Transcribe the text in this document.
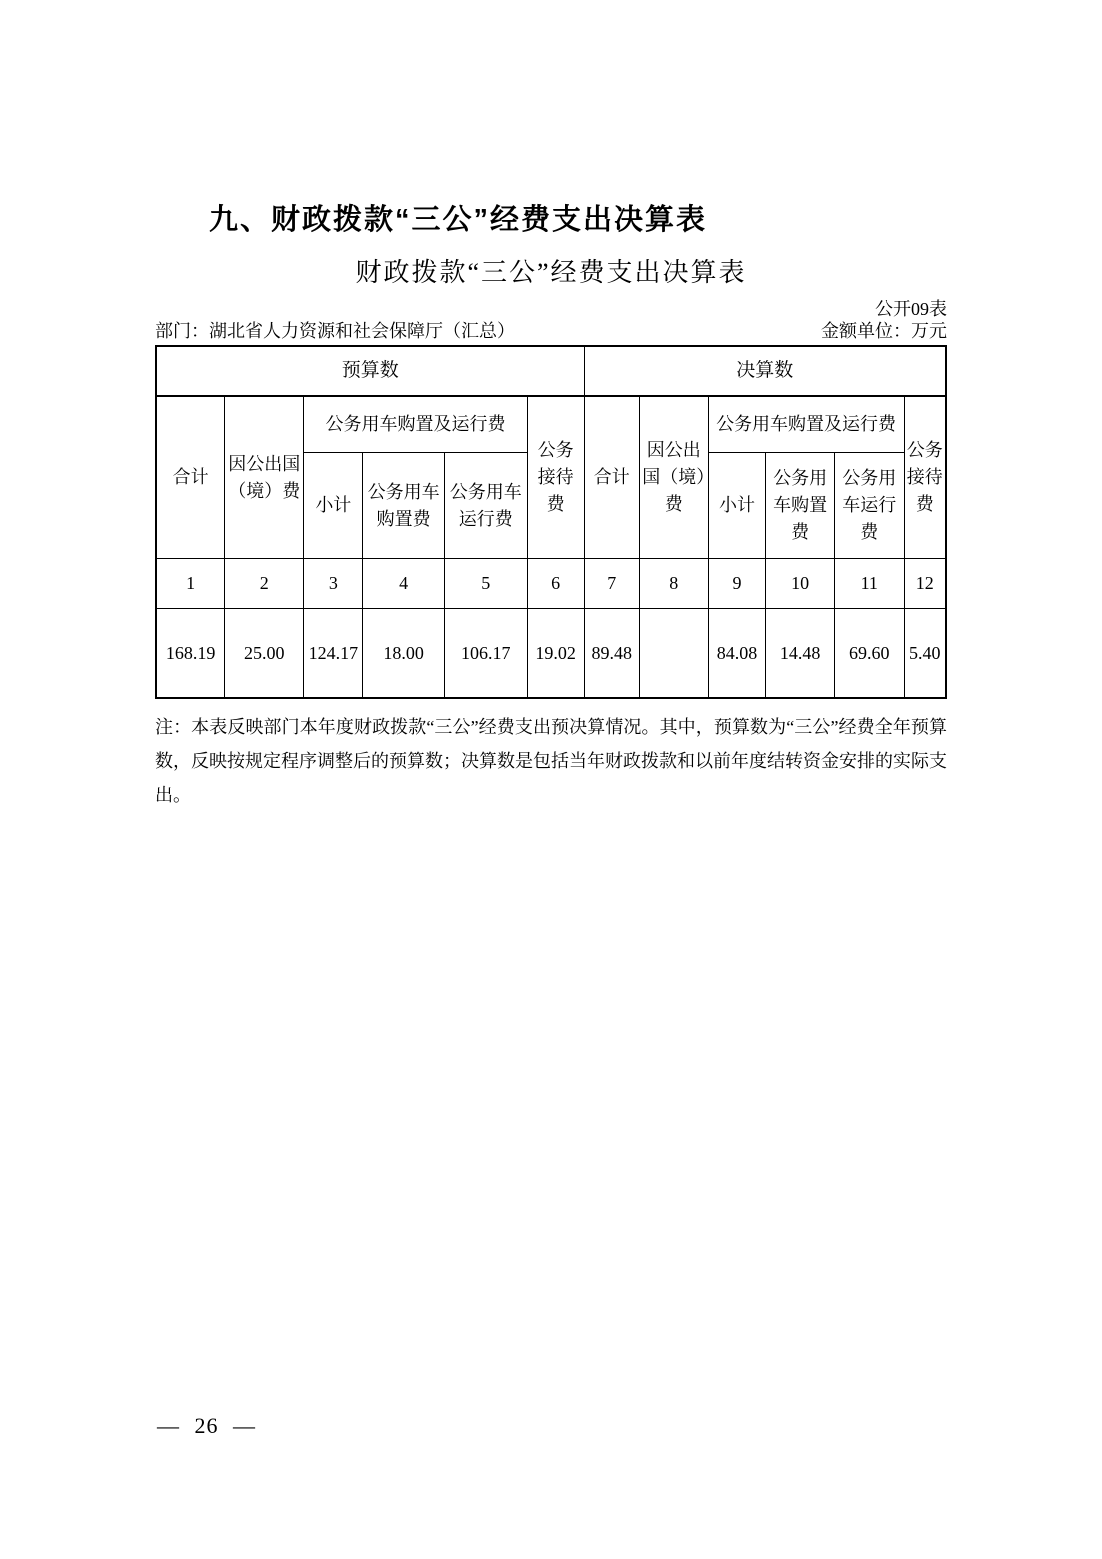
九、财政拨款“三公”经费支出决算表
财政拨款“三公”经费支出决算表
公开09表
部门：湖北省人力资源和社会保障厅（汇总）	金额单位：万元
预算数						决算数					
合计	因公出国（境）费	公务用车购置及运行费			公务接待费	合计	因公出国（境）费	公务用车购置及运行费			公务接待费
		小计	公务用车购置费	公务用车运行费				小计	公务用车购置费	公务用车运行费	
1	2	3	4	5	6	7	8	9	10	11	12
168.19	25.00	124.17	18.00	106.17	19.02	89.48		84.08	14.48	69.60	5.40

注：本表反映部门本年度财政拨款“三公”经费支出预决算情况。其中，预算数为“三公”经费全年预算数，反映按规定程序调整后的预算数；决算数是包括当年财政拨款和以前年度结转资金安排的实际支出。

— 26 —
